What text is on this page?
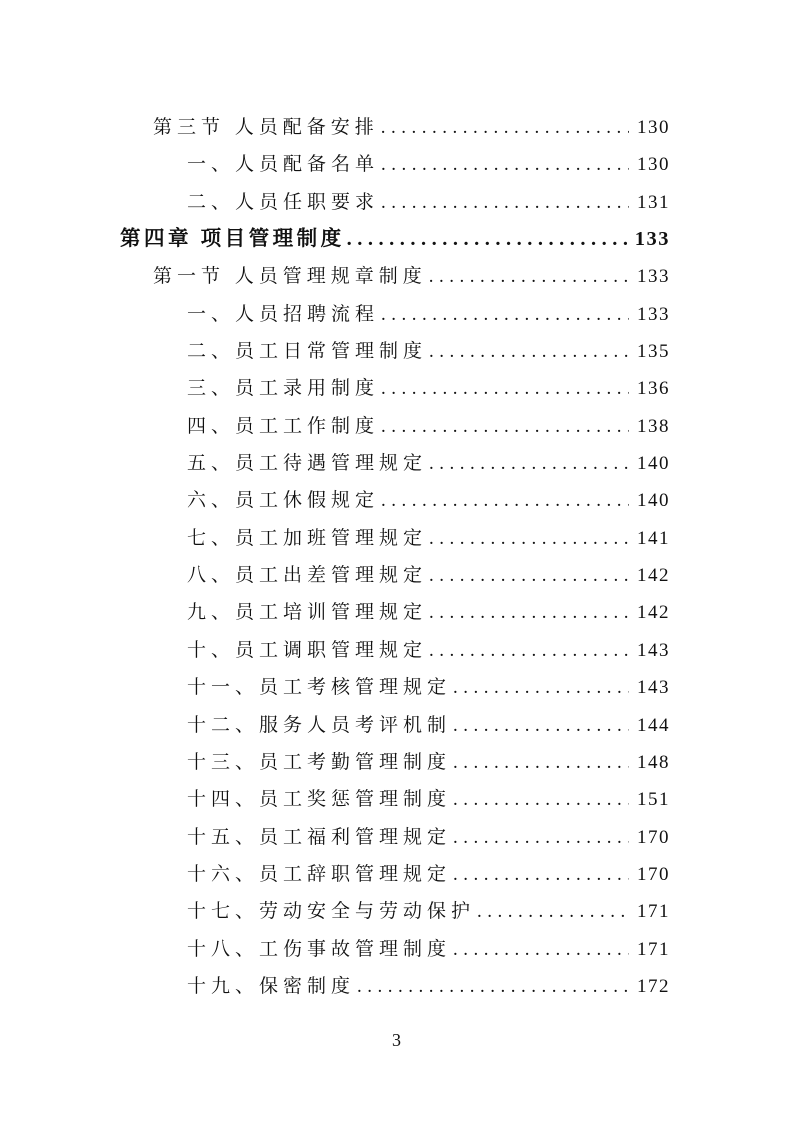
第三节 人员配备安排 .....	130
一、人员配备名单 .....	130
二、人员任职要求 .....	131
第四章 项目管理制度 .....	133
第一节 人员管理规章制度 .....	133
一、人员招聘流程 .....	133
二、员工日常管理制度 .....	135
三、员工录用制度 .....	136
四、员工工作制度 .....	138
五、员工待遇管理规定 .....	140
六、员工休假规定 .....	140
七、员工加班管理规定 .....	141
八、员工出差管理规定 .....	142
九、员工培训管理规定 .....	142
十、员工调职管理规定 .....	143
十一、员工考核管理规定 .....	143
十二、服务人员考评机制 .....	144
十三、员工考勤管理制度 .....	148
十四、员工奖惩管理制度 .....	151
十五、员工福利管理规定 .....	170
十六、员工辞职管理规定 .....	170
十七、劳动安全与劳动保护 .....	171
十八、工伤事故管理制度 .....	171
十九、保密制度 .....	172
3
